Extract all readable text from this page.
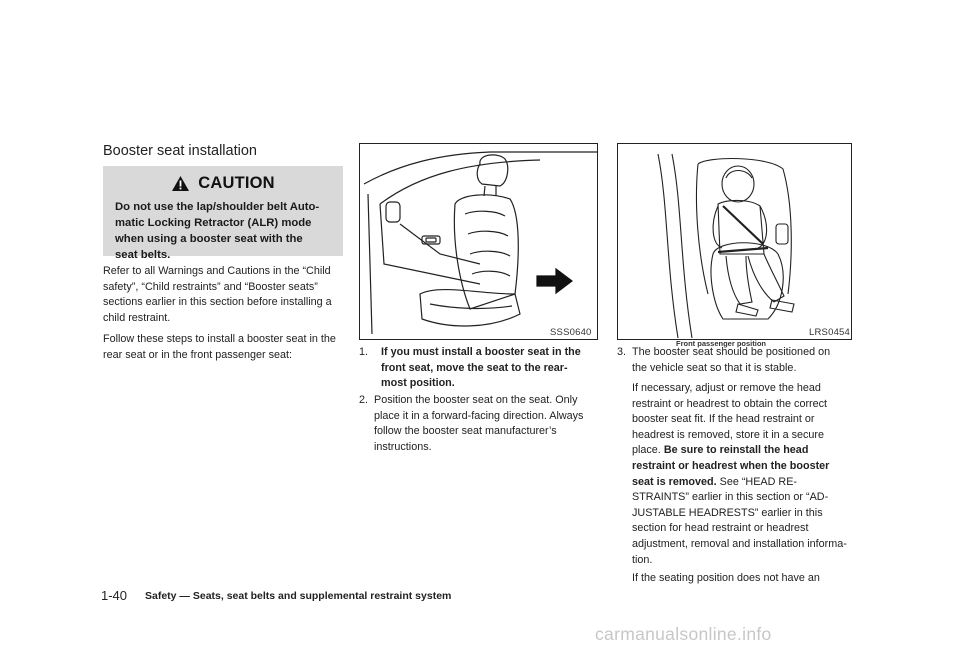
Booster seat installation
CAUTION
Do not use the lap/shoulder belt Auto-
matic Locking Retractor (ALR) mode
when using a booster seat with the
seat belts.
Refer to all Warnings and Cautions in the “Child
safety”, “Child restraints” and “Booster seats”
sections earlier in this section before installing a
child restraint.
Follow these steps to install a booster seat in the
rear seat or in the front passenger seat:
SSS0640	LRS0454
Front passenger position
1. If you must install a booster seat in the
front seat, move the seat to the rear-
most position.
2. Position the booster seat on the seat. Only
place it in a forward-facing direction. Always
follow the booster seat manufacturer’s
instructions.
3. The booster seat should be positioned on
the vehicle seat so that it is stable.
If necessary, adjust or remove the head
restraint or headrest to obtain the correct
booster seat fit. If the head restraint or
headrest is removed, store it in a secure
place. Be sure to reinstall the head
restraint or headrest when the booster
seat is removed. See “HEAD RE-
STRAINTS” earlier in this section or “AD-
JUSTABLE HEADRESTS” earlier in this
section for head restraint or headrest
adjustment, removal and installation informa-
tion.
If the seating position does not have an
1-40 Safety — Seats, seat belts and supplemental restraint system
carmanualsonline.info
